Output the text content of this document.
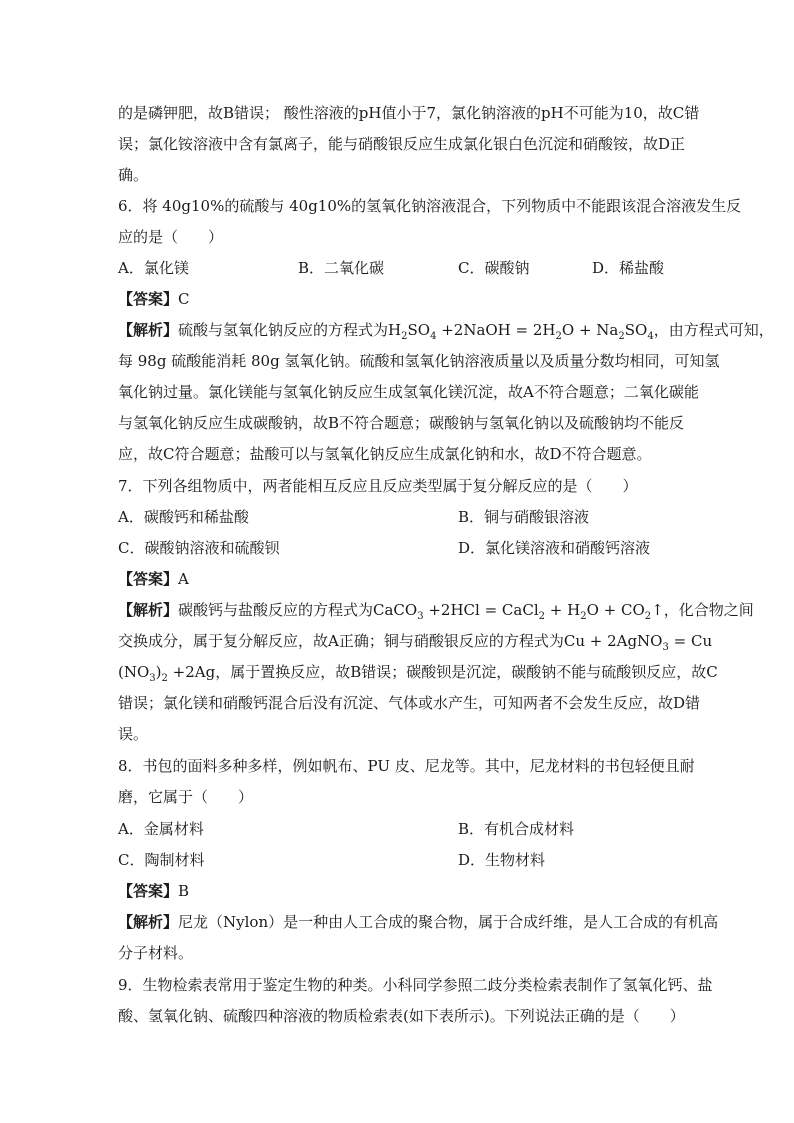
的是磷钾肥，故B错误； 酸性溶液的pH值小于7，氯化钠溶液的pH不可能为10，故C错
误；氯化铵溶液中含有氯离子，能与硝酸银反应生成氯化银白色沉淀和硝酸铵，故D正
确。
6．将 40g10%的硫酸与 40g10%的氢氧化钠溶液混合，下列物质中不能跟该混合溶液发生反
应的是（　　）
A．氯化镁	B．二氧化碳	C．碳酸钠	D．稀盐酸
【答案】C
【解析】硫酸与氢氧化钠反应的方程式为$H_2SO_4$ +2NaOH = $2H_2O + Na_2SO_4$，由方程式可知，
每 98g 硫酸能消耗 80g 氢氧化钠。硫酸和氢氧化钠溶液质量以及质量分数均相同，可知氢
氧化钠过量。氯化镁能与氢氧化钠反应生成氢氧化镁沉淀，故A不符合题意；二氧化碳能
与氢氧化钠反应生成碳酸钠，故B不符合题意；碳酸钠与氢氧化钠以及硫酸钠均不能反
应，故C符合题意；盐酸可以与氢氧化钠反应生成氯化钠和水，故D不符合题意。
7．下列各组物质中，两者能相互反应且反应类型属于复分解反应的是（　　）
A．碳酸钙和稀盐酸	B．铜与硝酸银溶液
C．碳酸钠溶液和硫酸钡	D．氯化镁溶液和硝酸钙溶液
【答案】A
【解析】碳酸钙与盐酸反应的方程式为CaCO$_3$ +2HCl = CaCl$_2$ + $H_2O$ + $CO_2↑$，化合物之间
交换成分，属于复分解反应，故A正确；铜与硝酸银反应的方程式为Cu + 2AgNO$_3$ = Cu
$(NO_3)_2 +2Ag$，属于置换反应，故B错误；碳酸钡是沉淀，碳酸钠不能与硫酸钡反应，故C
错误；氯化镁和硝酸钙混合后没有沉淀、气体或水产生，可知两者不会发生反应，故D错
误。
8．书包的面料多种多样，例如帆布、PU 皮、尼龙等。其中，尼龙材料的书包轻便且耐
磨，它属于（　　）
A．金属材料	B．有机合成材料
C．陶制材料	D．生物材料
【答案】B
【解析】尼龙（Nylon）是一种由人工合成的聚合物，属于合成纤维，是人工合成的有机高
分子材料。
9．生物检索表常用于鉴定生物的种类。小科同学参照二歧分类检索表制作了氢氧化钙、盐
酸、氢氧化钠、硫酸四种溶液的物质检索表(如下表所示)。下列说法正确的是（　　）
